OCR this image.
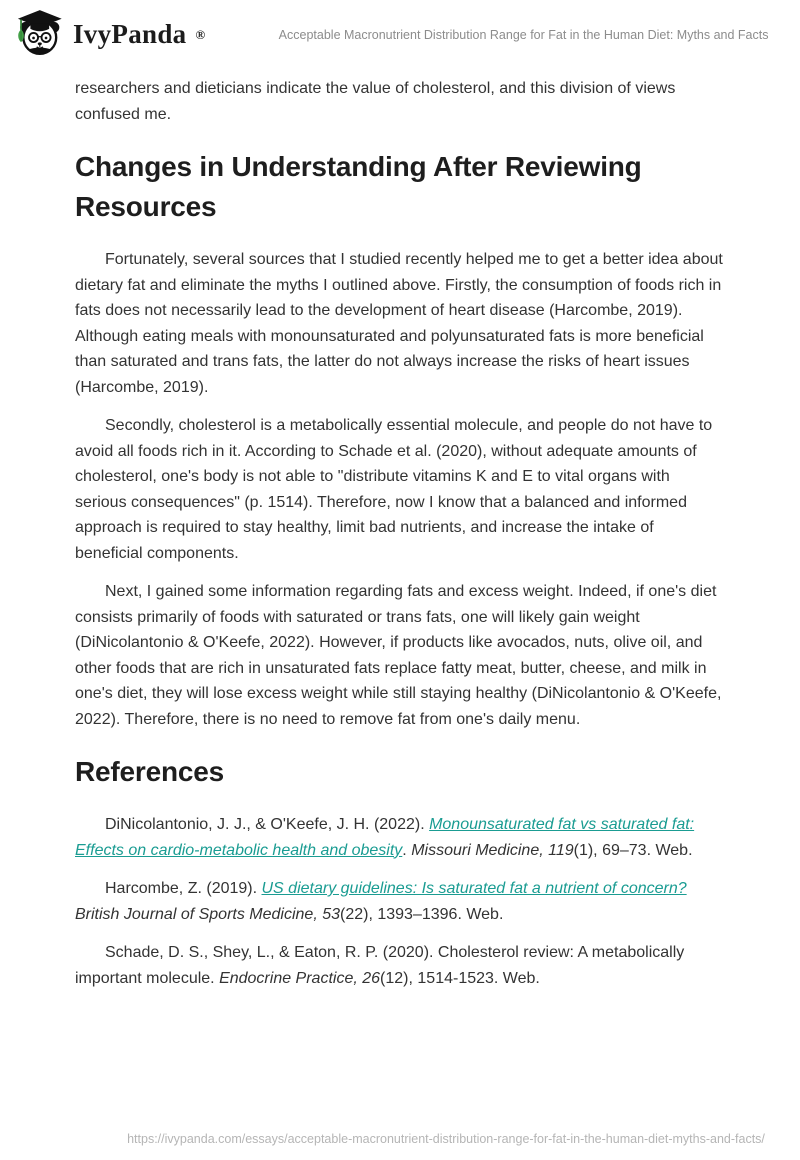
IvyPanda ®	Acceptable Macronutrient Distribution Range for Fat in the Human Diet: Myths and Facts

researchers and dieticians indicate the value of cholesterol, and this division of views confused me.

Changes in Understanding After Reviewing Resources

Fortunately, several sources that I studied recently helped me to get a better idea about dietary fat and eliminate the myths I outlined above. Firstly, the consumption of foods rich in fats does not necessarily lead to the development of heart disease (Harcombe, 2019). Although eating meals with monounsaturated and polyunsaturated fats is more beneficial than saturated and trans fats, the latter do not always increase the risks of heart issues (Harcombe, 2019).

Secondly, cholesterol is a metabolically essential molecule, and people do not have to avoid all foods rich in it. According to Schade et al. (2020), without adequate amounts of cholesterol, one's body is not able to "distribute vitamins K and E to vital organs with serious consequences" (p. 1514). Therefore, now I know that a balanced and informed approach is required to stay healthy, limit bad nutrients, and increase the intake of beneficial components.

Next, I gained some information regarding fats and excess weight. Indeed, if one's diet consists primarily of foods with saturated or trans fats, one will likely gain weight (DiNicolantonio & O'Keefe, 2022). However, if products like avocados, nuts, olive oil, and other foods that are rich in unsaturated fats replace fatty meat, butter, cheese, and milk in one's diet, they will lose excess weight while still staying healthy (DiNicolantonio & O'Keefe, 2022). Therefore, there is no need to remove fat from one's daily menu.

References

DiNicolantonio, J. J., & O'Keefe, J. H. (2022). Monounsaturated fat vs saturated fat: Effects on cardio-metabolic health and obesity. Missouri Medicine, 119(1), 69–73. Web.

Harcombe, Z. (2019). US dietary guidelines: Is saturated fat a nutrient of concern? British Journal of Sports Medicine, 53(22), 1393–1396. Web.

Schade, D. S., Shey, L., & Eaton, R. P. (2020). Cholesterol review: A metabolically important molecule. Endocrine Practice, 26(12), 1514-1523. Web.

https://ivypanda.com/essays/acceptable-macronutrient-distribution-range-for-fat-in-the-human-diet-myths-and-facts/
